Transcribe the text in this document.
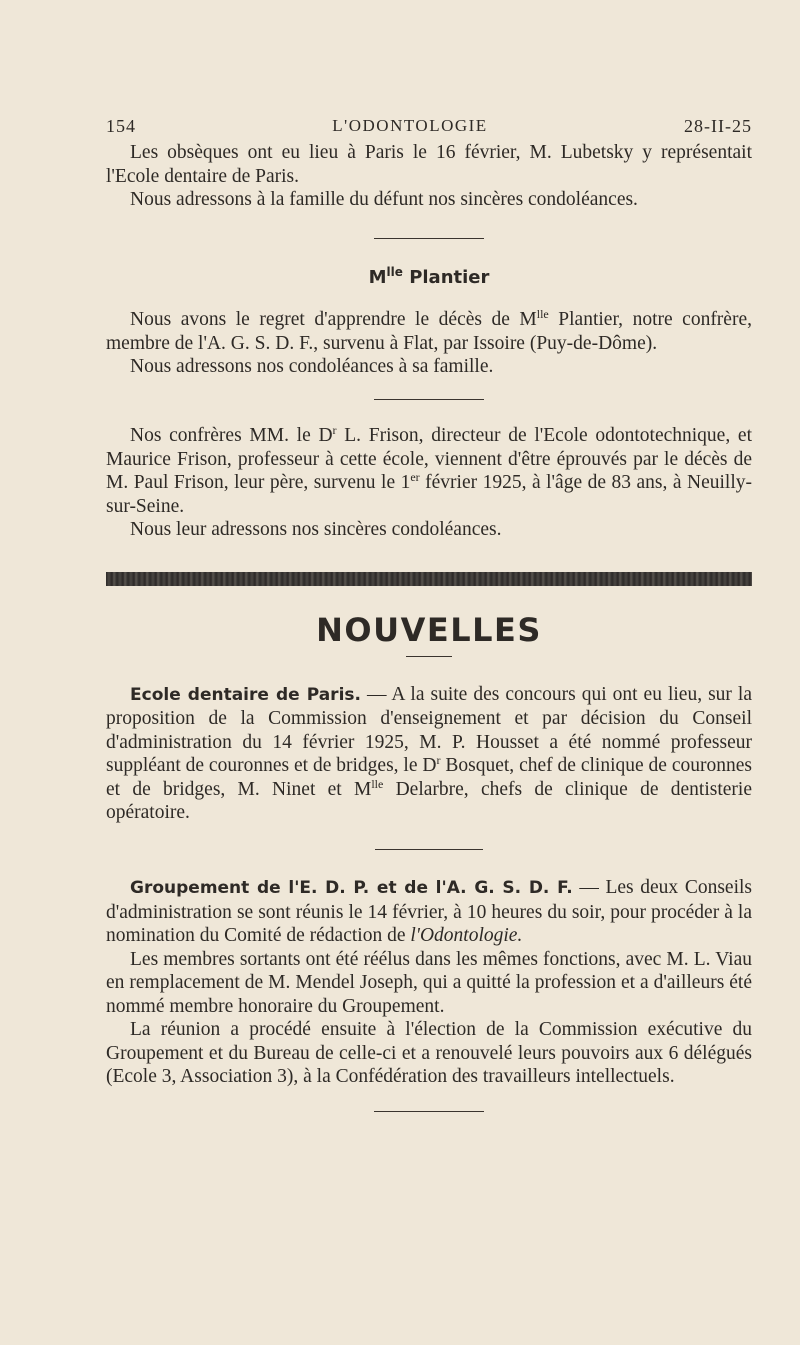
154	L'ODONTOLOGIE	28-II-25

Les obsèques ont eu lieu à Paris le 16 février, M. Lubetsky y représentait l'Ecole dentaire de Paris.

Nous adressons à la famille du défunt nos sincères condoléances.

$M^{lle}$ Plantier

Nous avons le regret d'apprendre le décès de $M^{lle}$ Plantier, notre confrère, membre de l'A. G. S. D. F., survenu à Flat, par Issoire (Puy-de-Dôme).

Nous adressons nos condoléances à sa famille.

Nos confrères MM. le $D^r$ L. Frison, directeur de l'Ecole odontotechnique, et Maurice Frison, professeur à cette école, viennent d'être éprouvés par le décès de M. Paul Frison, leur père, survenu le 1er février 1925, à l'âge de 83 ans, à Neuilly-sur-Seine.

Nous leur adressons nos sincères condoléances.

NOUVELLES

Ecole dentaire de Paris. — A la suite des concours qui ont eu lieu, sur la proposition de la Commission d'enseignement et par décision du Conseil d'administration du 14 février 1925, M. P. Housset a été nommé professeur suppléant de couronnes et de bridges, le $D^r$ Bosquet, chef de clinique de couronnes et de bridges, M. Ninet et $M^{lle}$ Delarbre, chefs de clinique de dentisterie opératoire.

Groupement de l'E. D. P. et de l'A. G. S. D. F. — Les deux Conseils d'administration se sont réunis le 14 février, à 10 heures du soir, pour procéder à la nomination du Comité de rédaction de l'Odontologie.

Les membres sortants ont été réélus dans les mêmes fonctions, avec M. L. Viau en remplacement de M. Mendel Joseph, qui a quitté la profession et a d'ailleurs été nommé membre honoraire du Groupement.

La réunion a procédé ensuite à l'élection de la Commission exécutive du Groupement et du Bureau de celle-ci et a renouvelé leurs pouvoirs aux 6 délégués (Ecole 3, Association 3), à la Confédération des travailleurs intellectuels.
